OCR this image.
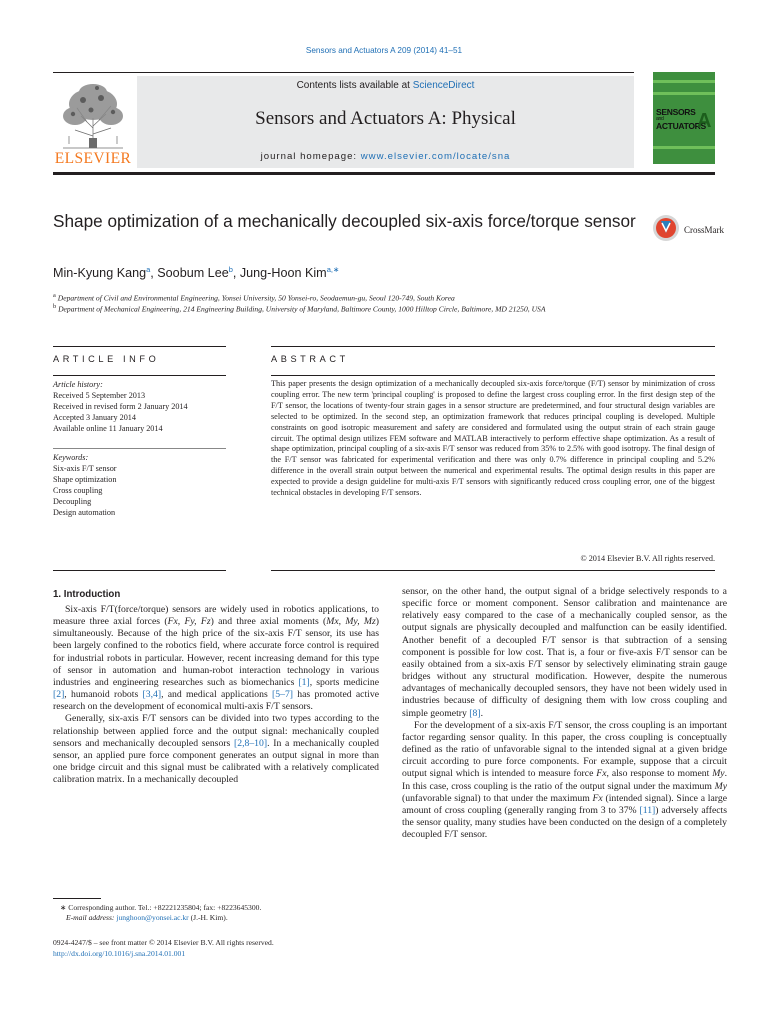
Sensors and Actuators A 209 (2014) 41–51
ELSEVIER
Contents lists available at ScienceDirect
Sensors and Actuators A: Physical
journal homepage: www.elsevier.com/locate/sna
SENSORS
and
ACTUATORS
A
Shape optimization of a mechanically decoupled six-axis force/torque sensor	CrossMark
Min-Kyung Kang$^a$, Soobum Lee$^b$, Jung-Hoon Kim$^{a,∗}$
$^a$ Department of Civil and Environmental Engineering, Yonsei University, 50 Yonsei-ro, Seodaemun-gu, Seoul 120-749, South Korea
$^b$ Department of Mechanical Engineering, 214 Engineering Building, University of Maryland, Baltimore County, 1000 Hilltop Circle, Baltimore, MD 21250, USA
ARTICLE INFO	ABSTRACT
Article history:
Received 5 September 2013
Received in revised form 2 January 2014
Accepted 3 January 2014
Available online 11 January 2014
Keywords:
Six-axis F/T sensor
Shape optimization
Cross coupling
Decoupling
Design automation
This paper presents the design optimization of a mechanically decoupled six-axis force/torque (F/T) sensor by minimization of cross coupling error. The new term 'principal coupling' is proposed to define the largest cross coupling error. In the first design step of the F/T sensor, the locations of twenty-four strain gages in a sensor structure are predetermined, and four structural design variables are selected to be optimized. In the second step, an optimization framework that reduces principal coupling is developed. Multiple constraints on good isotropic measurement and safety are considered and formulated using the output strain of each strain gauge circuit. The optimal design utilizes FEM software and MATLAB interactively to perform effective shape optimization. As a result of shape optimization, principal coupling of a six-axis F/T sensor was reduced from 35% to 2.5% with good isotropy. The final design of the F/T sensor was fabricated for experimental verification and there was only 0.7% difference in principal coupling and 5.2% difference in the overall strain output between the numerical and experimental results. The optimal design results in this paper are expected to provide a design guideline for multi-axis F/T sensors with significantly reduced cross coupling error, one of the biggest technical obstacles in developing F/T sensors.
© 2014 Elsevier B.V. All rights reserved.
1. Introduction

Six-axis F/T(force/torque) sensors are widely used in robotics applications, to measure three axial forces (Fx, Fy, Fz) and three axial moments (Mx, My, Mz) simultaneously. Because of the high price of the six-axis F/T sensor, its use has been largely confined to the robotics field, where accurate force control is required for industrial robots in particular. However, recent increasing demand for this type of sensor in automation and human-robot interaction technology in various industries and engineering researches such as biomechanics [1], sports medicine [2], humanoid robots [3,4], and medical applications [5–7] has promoted active research on the development of economical multi-axis F/T sensors.

Generally, six-axis F/T sensors can be divided into two types according to the relationship between applied force and the output signal: mechanically coupled sensors and mechanically decoupled sensors [2,8–10]. In a mechanically coupled sensor, an applied pure force component generates an output signal in more than one bridge circuit and this signal must be calibrated with a relatively complicated calibration matrix. In a mechanically decoupled

sensor, on the other hand, the output signal of a bridge selectively responds to a specific force or moment component. Sensor calibration and maintenance are relatively easy compared to the case of a mechanically coupled sensor, as the output signals are physically decoupled and malfunction can be easily identified. Another benefit of a decoupled F/T sensor is that subtraction of a sensing component is possible for low cost. That is, a four or five-axis F/T sensor can be easily obtained from a six-axis F/T sensor by selectively eliminating strain gauge bridges without any structural modification. However, despite the numerous advantages of mechanically decoupled sensors, they have not been widely used in industries because of difficulty of designing them with low cross coupling and simple geometry [8].

For the development of a six-axis F/T sensor, the cross coupling is an important factor regarding sensor quality. In this paper, the cross coupling is conceptually defined as the ratio of unfavorable signal to the intended signal at a given bridge circuit according to pure force components. For example, suppose that a circuit output signal which is intended to measure force Fx, also response to moment My. In this case, cross coupling is the ratio of the output signal under the maximum My (unfavorable signal) to that under the maximum Fx (intended signal). Since a large amount of cross coupling (generally ranging from 3 to 37% [11]) adversely affects the sensor quality, many studies have been conducted on the design of a completely decoupled F/T sensor.

∗ Corresponding author. Tel.: +82221235804; fax: +8223645300.
E-mail address: junghoon@yonsei.ac.kr (J.-H. Kim).
0924-4247/$ – see front matter © 2014 Elsevier B.V. All rights reserved.
http://dx.doi.org/10.1016/j.sna.2014.01.001
